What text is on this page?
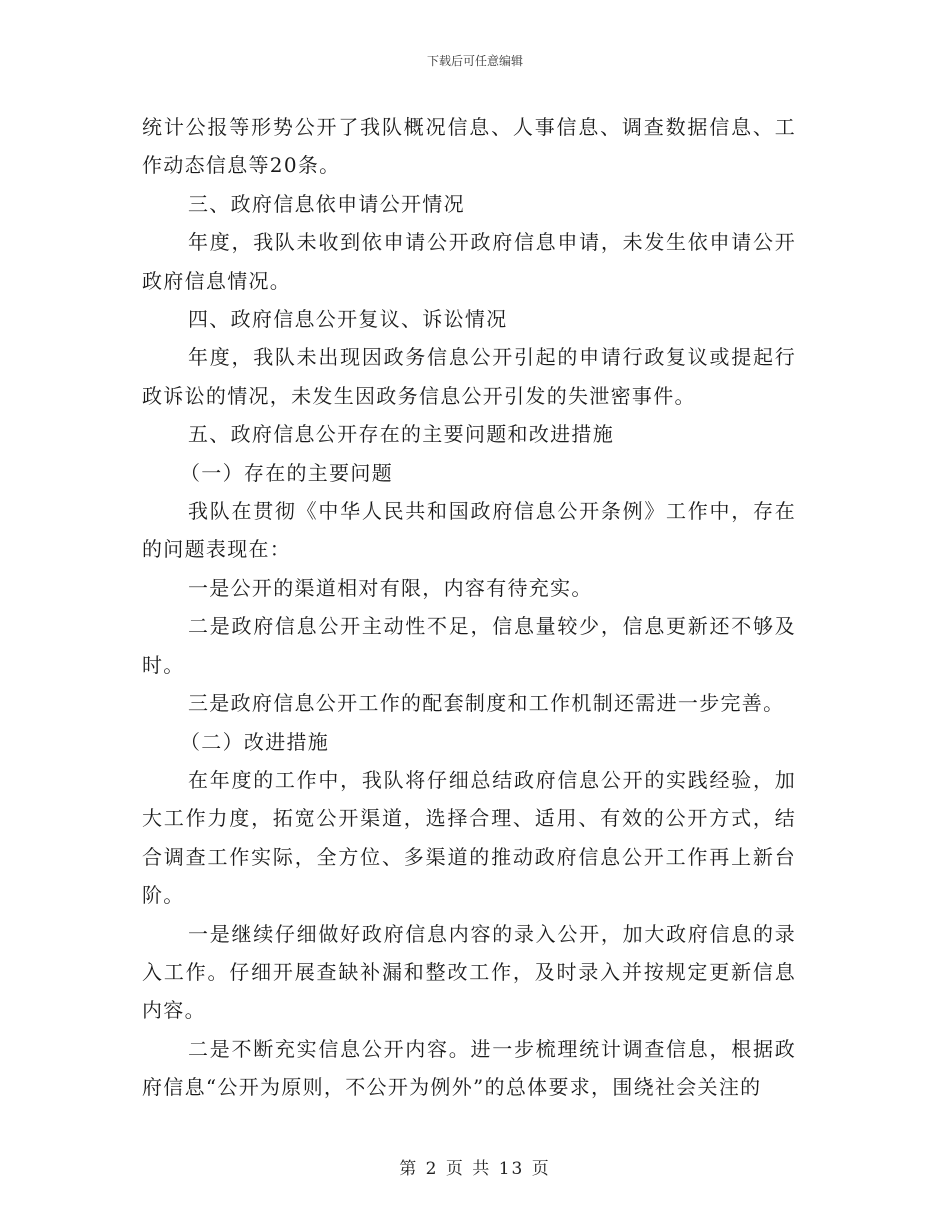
下载后可任意编辑

统计公报等形势公开了我队概况信息、人事信息、调查数据信息、工作动态信息等20条。

三、政府信息依申请公开情况

年度，我队未收到依申请公开政府信息申请，未发生依申请公开政府信息情况。

四、政府信息公开复议、诉讼情况

年度，我队未出现因政务信息公开引起的申请行政复议或提起行政诉讼的情况，未发生因政务信息公开引发的失泄密事件。

五、政府信息公开存在的主要问题和改进措施

（一）存在的主要问题

我队在贯彻《中华人民共和国政府信息公开条例》工作中，存在的问题表现在：

一是公开的渠道相对有限，内容有待充实。

二是政府信息公开主动性不足，信息量较少，信息更新还不够及时。

三是政府信息公开工作的配套制度和工作机制还需进一步完善。

（二）改进措施

在年度的工作中，我队将仔细总结政府信息公开的实践经验，加大工作力度，拓宽公开渠道，选择合理、适用、有效的公开方式，结合调查工作实际，全方位、多渠道的推动政府信息公开工作再上新台阶。

一是继续仔细做好政府信息内容的录入公开，加大政府信息的录入工作。仔细开展查缺补漏和整改工作，及时录入并按规定更新信息内容。

二是不断充实信息公开内容。进一步梳理统计调查信息，根据政府信息“公开为原则，不公开为例外”的总体要求，围绕社会关注的

第 2 页 共 13 页
